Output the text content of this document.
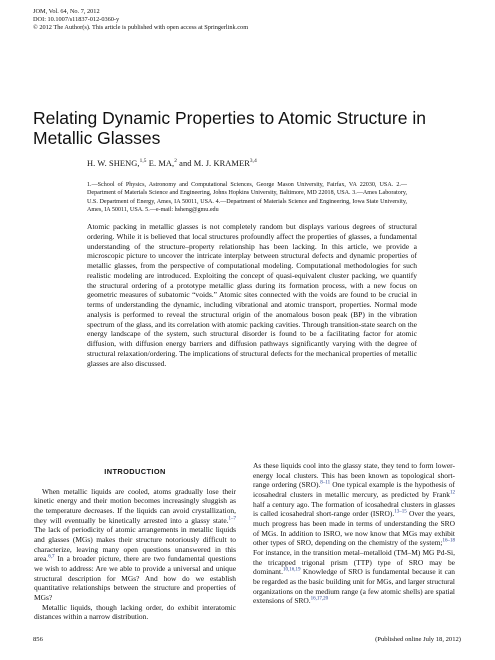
JOM, Vol. 64, No. 7, 2012
DOI: 10.1007/s11837-012-0360-y
© 2012 The Author(s). This article is published with open access at Springerlink.com
Relating Dynamic Properties to Atomic Structure in Metallic Glasses
H. W. SHENG,$^{1,5}$ E. MA,$^2$ and M. J. KRAMER$^{3,4}$
1.—School of Physics, Astronomy and Computational Sciences, George Mason University, Fairfax, VA 22030, USA. 2.—Department of Materials Science and Engineering, Johns Hopkins University, Baltimore, MD 22018, USA. 3.—Ames Laboratory, U.S. Department of Energy, Ames, IA 50011, USA. 4.—Department of Materials Science and Engineering, Iowa State University, Ames, IA 50011, USA. 5.—e-mail: hsheng@gmu.edu
Atomic packing in metallic glasses is not completely random but displays various degrees of structural ordering. While it is believed that local structures profoundly affect the properties of glasses, a fundamental understanding of the structure–property relationship has been lacking. In this article, we provide a microscopic picture to uncover the intricate interplay between structural defects and dynamic properties of metallic glasses, from the perspective of computational modeling. Computational methodologies for such realistic modeling are introduced. Exploiting the concept of quasi-equivalent cluster packing, we quantify the structural ordering of a prototype metallic glass during its formation process, with a new focus on geometric measures of subatomic “voids.” Atomic sites connected with the voids are found to be crucial in terms of understanding the dynamic, including vibrational and atomic transport, properties. Normal mode analysis is performed to reveal the structural origin of the anomalous boson peak (BP) in the vibration spectrum of the glass, and its correlation with atomic packing cavities. Through transition-state search on the energy landscape of the system, such structural disorder is found to be a facilitating factor for atomic diffusion, with diffusion energy barriers and diffusion pathways significantly varying with the degree of structural relaxation/ordering. The implications of structural defects for the mechanical properties of metallic glasses are also discussed.
INTRODUCTION

When metallic liquids are cooled, atoms gradually lose their kinetic energy and their motion becomes increasingly sluggish as the temperature decreases. If the liquids can avoid crystallization, they will eventually be kinetically arrested into a glassy state.$^{1-7}$ The lack of periodicity of atomic arrangements in metallic liquids and glasses (MGs) makes their structure notoriously difficult to characterize, leaving many open questions unanswered in this area.$^{6,7}$ In a broader picture, there are two fundamental questions we wish to address: Are we able to provide a universal and unique structural description for MGs? And how do we establish quantitative relationships between the structure and properties of MGs?

Metallic liquids, though lacking order, do exhibit interatomic distances within a narrow distribution.

As these liquids cool into the glassy state, they tend to form lower-energy local clusters. This has been known as topological short-range ordering (SRO).$^{8-11}$ One typical example is the hypothesis of icosahedral clusters in metallic mercury, as predicted by Frank$^{12}$ half a century ago. The formation of icosahedral clusters in glasses is called icosahedral short-range order (ISRO).$^{13-15}$ Over the years, much progress has been made in terms of understanding the SRO of MGs. In addition to ISRO, we now know that MGs may exhibit other types of SRO, depending on the chemistry of the system;$^{16-18}$ For instance, in the transition metal–metalloid (TM–M) MG Pd-Si, the tricapped trigonal prism (TTP) type of SRO may be dominant.$^{10,16,19}$ Knowledge of SRO is fundamental because it can be regarded as the basic building unit for MGs, and larger structural organizations on the medium range (a few atomic shells) are spatial extensions of SRO.$^{16,17,20}$

856	(Published online July 18, 2012)
